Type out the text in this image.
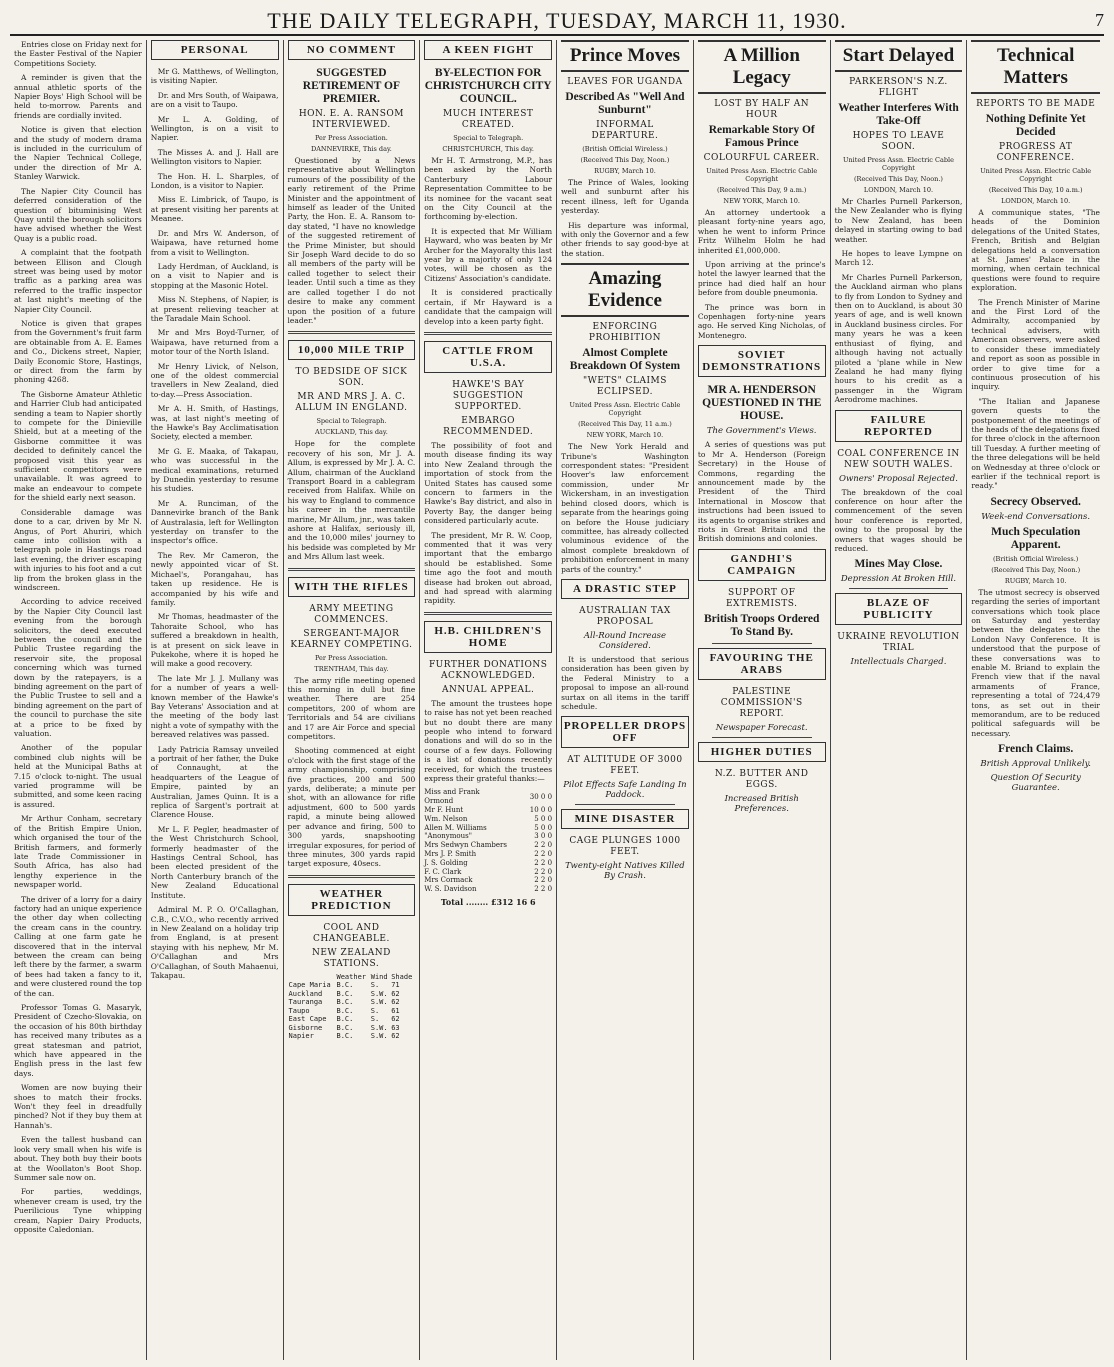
THE DAILY TELEGRAPH, TUESDAY, MARCH 11, 1930.	7

Entries close on Friday next for the Easter Festival of the Napier Competitions Society.

A reminder is given that the annual athletic sports of the Napier Boys' High School will be held to-morrow. Parents and friends are cordially invited.

Notice is given that election and the study of modern drama is included in the curriculum of the Napier Technical College, under the direction of Mr A. Stanley Warwick.

The Napier City Council has deferred consideration of the question of bituminising West Quay until the borough solicitors have advised whether the West Quay is a public road.

A complaint that the footpath between Ellison and Clough street was being used by motor traffic as a parking area was referred to the traffic inspector at last night's meeting of the Napier City Council.

Notice is given that grapes from the Government's fruit farm are obtainable from A. E. Eames and Co., Dickens street, Napier, Daily Economic Store, Hastings, or direct from the farm by phoning 4268.

The Gisborne Amateur Athletic and Harrier Club had anticipated sending a team to Napier shortly to compete for the Dinieville Shield, but at a meeting of the Gisborne committee it was decided to definitely cancel the proposed visit this year as sufficient competitors were unavailable. It was agreed to make an endeavour to compete for the shield early next season.

Considerable damage was done to a car, driven by Mr N. Angus, of Port Ahuriri, which came into collision with a telegraph pole in Hastings road last evening, the driver escaping with injuries to his foot and a cut lip from the broken glass in the windscreen.

According to advice received by the Napier City Council last evening from the borough solicitors, the deed executed between the council and the Public Trustee regarding the reservoir site, the proposal concerning which was turned down by the ratepayers, is a binding agreement on the part of the Public Trustee to sell and a binding agreement on the part of the council to purchase the site at a price to be fixed by valuation.

Another of the popular combined club nights will be held at the Municipal Baths at 7.15 o'clock to-night. The usual varied programme will be submitted, and some keen racing is assured.

Mr Arthur Conham, secretary of the British Empire Union, which organised the tour of the British farmers, and formerly late Trade Commissioner in South Africa, has also had lengthy experience in the newspaper world.

The driver of a lorry for a dairy factory had an unique experience the other day when collecting the cream cans in the country. Calling at one farm gate he discovered that in the interval between the cream can being left there by the farmer, a swarm of bees had taken a fancy to it, and were clustered round the top of the can.

Professor Tomas G. Masaryk, President of Czecho-Slovakia, on the occasion of his 80th birthday has received many tributes as a great statesman and patriot, which have appeared in the English press in the last few days.

Women are now buying their shoes to match their frocks. Won't they feel in dreadfully pinched? Not if they buy them at Hannah's.

Even the tallest husband can look very small when his wife is about. They both buy their boots at the Woollaton's Boot Shop. Summer sale now on.

For parties, weddings, whenever cream is used, try the Puerilicious Tyne whipping cream, Napier Dairy Products, opposite Caledonian.

PERSONAL

Mr G. Matthews, of Wellington, is visiting Napier.

Dr. and Mrs South, of Waipawa, are on a visit to Taupo.

Mr L. A. Golding, of Wellington, is on a visit to Napier.

The Misses A. and J. Hall are Wellington visitors to Napier.

The Hon. H. L. Sharples, of London, is a visitor to Napier.

Miss E. Limbrick, of Taupo, is at present visiting her parents at Meanee.

Dr. and Mrs W. Anderson, of Waipawa, have returned home from a visit to Wellington.

Lady Herdman, of Auckland, is on a visit to Napier and is stopping at the Masonic Hotel.

Miss N. Stephens, of Napier, is at present relieving teacher at the Taradale Main School.

Mr and Mrs Boyd-Turner, of Waipawa, have returned from a motor tour of the North Island.

Mr Henry Livick, of Nelson, one of the oldest commercial travellers in New Zealand, died to-day.—Press Association.

Mr A. H. Smith, of Hastings, was, at last night's meeting of the Hawke's Bay Acclimatisation Society, elected a member.

Mr G. E. Maaka, of Takapau, who was successful in the medical examinations, returned by Dunedin yesterday to resume his studies.

Mr A. Runciman, of the Dannevirke branch of the Bank of Australasia, left for Wellington yesterday on transfer to the inspector's office.

The Rev. Mr Cameron, the newly appointed vicar of St. Michael's, Porangahau, has taken up residence. He is accompanied by his wife and family.

Mr Thomas, headmaster of the Tahoraite School, who has suffered a breakdown in health, is at present on sick leave in Pukekohe, where it is hoped he will make a good recovery.

The late Mr J. J. Mullany was for a number of years a well-known member of the Hawke's Bay Veterans' Association and at the meeting of the body last night a vote of sympathy with the bereaved relatives was passed.

Lady Patricia Ramsay unveiled a portrait of her father, the Duke of Connaught, at the headquarters of the League of Empire, painted by an Australian, James Quinn. It is a replica of Sargent's portrait at Clarence House.

Mr L. F. Pegler, headmaster of the West Christchurch School, formerly headmaster of the Hastings Central School, has been elected president of the North Canterbury branch of the New Zealand Educational Institute.

Admiral M. P. O. O'Callaghan, C.B., C.V.O., who recently arrived in New Zealand on a holiday trip from England, is at present staying with his nephew, Mr M. O'Callaghan and Mrs O'Callaghan, of South Mahaenui, Takapau.

NO COMMENT
SUGGESTED RETIREMENT OF PREMIER.
HON. E. A. RANSOM INTERVIEWED.
Per Press Association.
DANNEVIRKE, This day.

Questioned by a News representative about Wellington rumours of the possibility of the early retirement of the Prime Minister and the appointment of himself as leader of the United Party, the Hon. E. A. Ransom to-day stated, "I have no knowledge of the suggested retirement of the Prime Minister, but should Sir Joseph Ward decide to do so all members of the party will be called together to select their leader. Until such a time as they are called together I do not desire to make any comment upon the position of a future leader."

10,000 MILE TRIP
TO BEDSIDE OF SICK SON.
MR AND MRS J. A. C. ALLUM IN ENGLAND.
Special to Telegraph.
AUCKLAND, This day.

Hope for the complete recovery of his son, Mr J. A. Allum, is expressed by Mr J. A. C. Allum, chairman of the Auckland Transport Board in a cablegram received from Halifax. While on his way to England to commence his career in the mercantile marine, Mr Allum, jnr., was taken ashore at Halifax, seriously ill, and the 10,000 miles' journey to his bedside was completed by Mr and Mrs Allum last week.

WITH THE RIFLES
ARMY MEETING COMMENCES.
SERGEANT-MAJOR KEARNEY COMPETING.
Per Press Association.
TRENTHAM, This day.

The army rifle meeting opened this morning in dull but fine weather. There are 254 competitors, 200 of whom are Territorials and 54 are civilians and 17 are Air Force and special competitors.

Shooting commenced at eight o'clock with the first stage of the army championship, comprising five practices, 200 and 500 yards, deliberate; a minute per shot, with an allowance for rifle adjustment, 600 to 500 yards rapid, a minute being allowed per advance and firing, 500 to 300 yards, snapshooting irregular exposures, for period of three minutes, 300 yards rapid target exposure, 40secs.

WEATHER PREDICTION
COOL AND CHANGEABLE.
NEW ZEALAND STATIONS.
	Weather	Wind	Shade
Cape Maria	B.C.	S.	71
Auckland	B.C.	S.W.	62
Tauranga	B.C.	S.W.	62
Taupo	B.C.	S.	61
East Cape	B.C.	S.	62
Gisborne	B.C.	S.W.	63
Napier	B.C.	S.W.	62
A KEEN FIGHT
BY-ELECTION FOR CHRISTCHURCH CITY COUNCIL.
MUCH INTEREST CREATED.
Special to Telegraph.
CHRISTCHURCH, This day.

Mr H. T. Armstrong, M.P., has been asked by the North Canterbury Labour Representation Committee to be its nominee for the vacant seat on the City Council at the forthcoming by-election.

It is expected that Mr William Hayward, who was beaten by Mr Archer for the Mayoralty this last year by a majority of only 124 votes, will be chosen as the Citizens' Association's candidate.

It is considered practically certain, if Mr Hayward is a candidate that the campaign will develop into a keen party fight.

CATTLE FROM U.S.A.
HAWKE'S BAY SUGGESTION SUPPORTED.
EMBARGO RECOMMENDED.

The possibility of foot and mouth disease finding its way into New Zealand through the importation of stock from the United States has caused some concern to farmers in the Hawke's Bay district, and also in Poverty Bay, the danger being considered particularly acute.

The president, Mr R. W. Coop, commented that it was very important that the embargo should be established. Some time ago the foot and mouth disease had broken out abroad, and had spread with alarming rapidity.

H.B. CHILDREN'S HOME
FURTHER DONATIONS ACKNOWLEDGED.
ANNUAL APPEAL.

The amount the trustees hope to raise has not yet been reached but no doubt there are many people who intend to forward donations and will do so in the course of a few days. Following is a list of donations recently received, for which the trustees express their grateful thanks:—

Miss and Frank Ormond	30 0 0
Mr F. Hunt	10 0 0
Wm. Nelson	5 0 0
Allen M. Williams	5 0 0
"Anonymous"	3 0 0
Mrs Sedwyn Chambers	2 2 0
Mrs J. P. Smith	2 2 0
J. S. Golding	2 2 0
F. C. Clark	2 2 0
Mrs Cormack	2 2 0
W. S. Davidson	2 2 0
Total ........ £312 16 6
Prince Moves
LEAVES FOR UGANDA
Described As "Well And Sunburnt"
INFORMAL DEPARTURE.
(British Official Wireless.)
(Received This Day, Noon.)
RUGBY, March 10.

The Prince of Wales, looking well and sunburnt after his recent illness, left for Uganda yesterday.

His departure was informal, with only the Governor and a few other friends to say good-bye at the station.

Amazing Evidence
ENFORCING PROHIBITION
Almost Complete Breakdown Of System
"WETS" CLAIMS ECLIPSED.
United Press Assn. Electric Cable Copyright
(Received This Day, 11 a.m.)
NEW YORK, March 10.

The New York Herald and Tribune's Washington correspondent states: "President Hoover's law enforcement commission, under Mr Wickersham, in an investigation behind closed doors, which is separate from the hearings going on before the House judiciary committee, has already collected voluminous evidence of the almost complete breakdown of prohibition enforcement in many parts of the country."

A DRASTIC STEP
AUSTRALIAN TAX PROPOSAL
All-Round Increase Considered.

It is understood that serious consideration has been given by the Federal Ministry to a proposal to impose an all-round surtax on all items in the tariff schedule.

PROPELLER DROPS OFF
AT ALTITUDE OF 3000 FEET.
Pilot Effects Safe Landing In Paddock.
MINE DISASTER
CAGE PLUNGES 1000 FEET.
Twenty-eight Natives Killed By Crash.
A Million Legacy
LOST BY HALF AN HOUR
Remarkable Story Of Famous Prince
COLOURFUL CAREER.
United Press Assn. Electric Cable Copyright
(Received This Day, 9 a.m.)
NEW YORK, March 10.

An attorney undertook a pleasant forty-nine years ago, when he went to inform Prince Fritz Wilhelm Holm he had inherited £1,000,000.

Upon arriving at the prince's hotel the lawyer learned that the prince had died half an hour before from double pneumonia.

The prince was born in Copenhagen forty-nine years ago. He served King Nicholas, of Montenegro.

SOVIET DEMONSTRATIONS
MR A. HENDERSON QUESTIONED IN THE HOUSE.
The Government's Views.

A series of questions was put to Mr A. Henderson (Foreign Secretary) in the House of Commons, regarding the announcement made by the President of the Third International in Moscow that instructions had been issued to its agents to organise strikes and riots in Great Britain and the British dominions and colonies.

GANDHI'S CAMPAIGN
SUPPORT OF EXTREMISTS.
British Troops Ordered To Stand By.
FAVOURING THE ARABS
PALESTINE COMMISSION'S REPORT.
Newspaper Forecast.
HIGHER DUTIES
N.Z. BUTTER AND EGGS.
Increased British Preferences.
Start Delayed
PARKERSON'S N.Z. FLIGHT
Weather Interferes With Take-Off
HOPES TO LEAVE SOON.
United Press Assn. Electric Cable Copyright
(Received This Day, Noon.)
LONDON, March 10.

Mr Charles Purnell Parkerson, the New Zealander who is flying to New Zealand, has been delayed in starting owing to bad weather.

He hopes to leave Lympne on March 12.

Mr Charles Purnell Parkerson, the Auckland airman who plans to fly from London to Sydney and then on to Auckland, is about 30 years of age, and is well known in Auckland business circles. For many years he was a keen enthusiast of flying, and although having not actually piloted a 'plane while in New Zealand he had many flying hours to his credit as a passenger in the Wigram Aerodrome machines.

FAILURE REPORTED
COAL CONFERENCE IN NEW SOUTH WALES.
Owners' Proposal Rejected.

The breakdown of the coal conference on hour after the commencement of the seven hour conference is reported, owing to the proposal by the owners that wages should be reduced.

Mines May Close.
Depression At Broken Hill.
BLAZE OF PUBLICITY
UKRAINE REVOLUTION TRIAL
Intellectuals Charged.
Technical Matters
REPORTS TO BE MADE
Nothing Definite Yet Decided
PROGRESS AT CONFERENCE.
United Press Assn. Electric Cable Copyright
(Received This Day, 10 a.m.)
LONDON, March 10.

A communique states, "The heads of the Dominion delegations of the United States, French, British and Belgian delegations held a conversation at St. James' Palace in the morning, when certain technical questions were found to require exploration.

The French Minister of Marine and the First Lord of the Admiralty, accompanied by technical advisers, with American observers, were asked to consider these immediately and report as soon as possible in order to give time for a continuous prosecution of his inquiry.

"The Italian and Japanese govern quests to the postponement of the meetings of the heads of the delegations fixed for three o'clock in the afternoon till Tuesday. A further meeting of the three delegations will be held on Wednesday at three o'clock or earlier if the technical report is ready."

Secrecy Observed.
Week-end Conversations.
Much Speculation Apparent.
(British Official Wireless.)
(Received This Day, Noon.)
RUGBY, March 10.

The utmost secrecy is observed regarding the series of important conversations which took place on Saturday and yesterday between the delegates to the London Navy Conference. It is understood that the purpose of these conversations was to enable M. Briand to explain the French view that if the naval armaments of France, representing a total of 724,479 tons, as set out in their memorandum, are to be reduced political safeguards will be necessary.

French Claims.
British Approval Unlikely.
Question Of Security Guarantee.
